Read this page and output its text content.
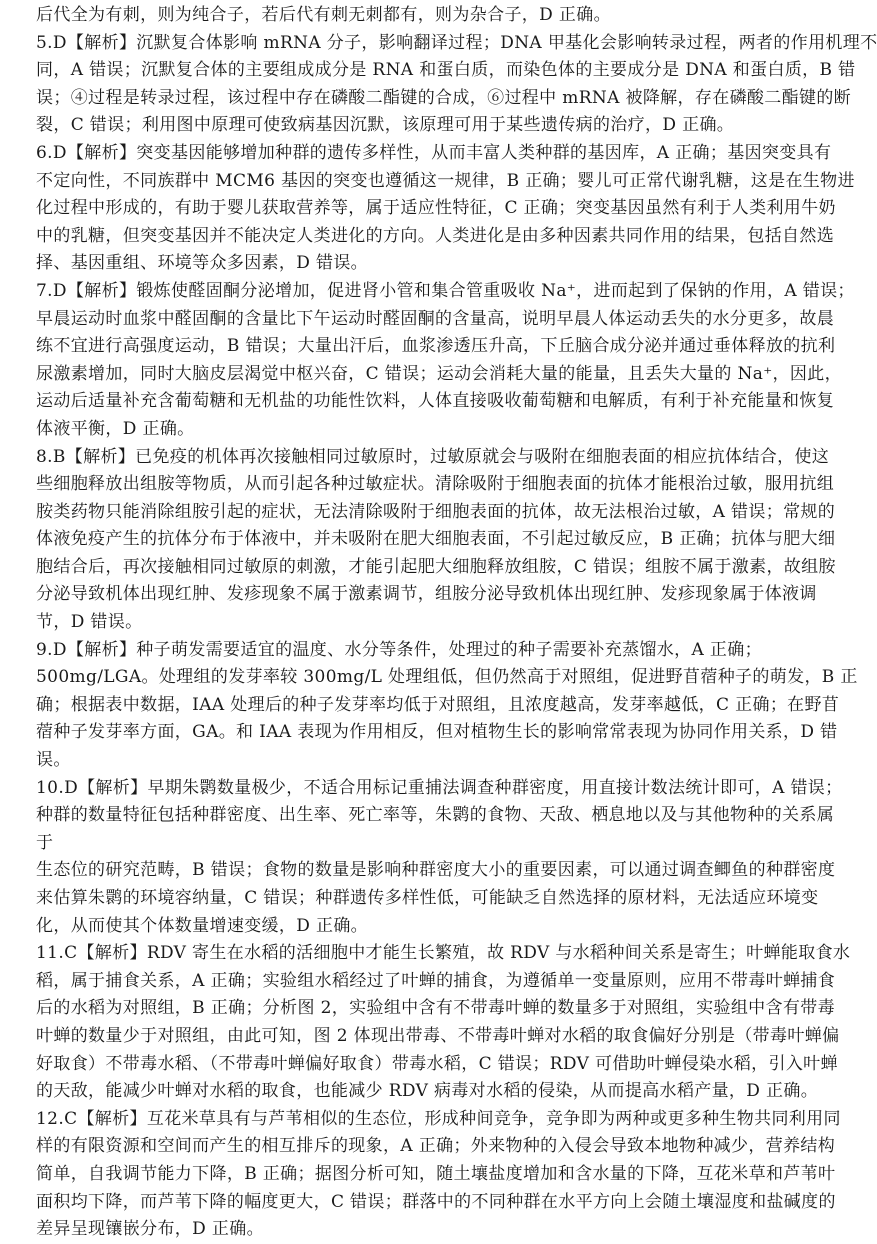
后代全为有刺，则为纯合子，若后代有刺无刺都有，则为杂合子，D 正确。
5.D【解析】沉默复合体影响 mRNA 分子，影响翻译过程；DNA 甲基化会影响转录过程，两者的作用机理不
同，A 错误；沉默复合体的主要组成成分是 RNA 和蛋白质，而染色体的主要成分是 DNA 和蛋白质，B 错
误；④过程是转录过程，该过程中存在磷酸二酯键的合成，⑥过程中 mRNA 被降解，存在磷酸二酯键的断
裂，C 错误；利用图中原理可使致病基因沉默，该原理可用于某些遗传病的治疗，D 正确。
6.D【解析】突变基因能够增加种群的遗传多样性，从而丰富人类种群的基因库，A 正确；基因突变具有
不定向性，不同族群中 MCM6 基因的突变也遵循这一规律，B 正确；婴儿可正常代谢乳糖，这是在生物进
化过程中形成的，有助于婴儿获取营养等，属于适应性特征，C 正确；突变基因虽然有利于人类利用牛奶
中的乳糖，但突变基因并不能决定人类进化的方向。人类进化是由多种因素共同作用的结果，包括自然选
择、基因重组、环境等众多因素，D 错误。
7.D【解析】锻炼使醛固酮分泌增加，促进肾小管和集合管重吸收 Na⁺，进而起到了保钠的作用，A 错误；
早晨运动时血浆中醛固酮的含量比下午运动时醛固酮的含量高，说明早晨人体运动丢失的水分更多，故晨
练不宜进行高强度运动，B 错误；大量出汗后，血浆渗透压升高，下丘脑合成分泌并通过垂体释放的抗利
尿激素增加，同时大脑皮层渴觉中枢兴奋，C 错误；运动会消耗大量的能量，且丢失大量的 Na⁺，因此，
运动后适量补充含葡萄糖和无机盐的功能性饮料，人体直接吸收葡萄糖和电解质，有利于补充能量和恢复
体液平衡，D 正确。
8.B【解析】已免疫的机体再次接触相同过敏原时，过敏原就会与吸附在细胞表面的相应抗体结合，使这
些细胞释放出组胺等物质，从而引起各种过敏症状。清除吸附于细胞表面的抗体才能根治过敏，服用抗组
胺类药物只能消除组胺引起的症状，无法清除吸附于细胞表面的抗体，故无法根治过敏，A 错误；常规的
体液免疫产生的抗体分布于体液中，并未吸附在肥大细胞表面，不引起过敏反应，B 正确；抗体与肥大细
胞结合后，再次接触相同过敏原的刺激，才能引起肥大细胞释放组胺，C 错误；组胺不属于激素，故组胺
分泌导致机体出现红肿、发疹现象不属于激素调节，组胺分泌导致机体出现红肿、发疹现象属于体液调
节，D 错误。
9.D【解析】种子萌发需要适宜的温度、水分等条件，处理过的种子需要补充蒸馏水，A 正确；
500mg/LGA。处理组的发芽率较 300mg/L 处理组低，但仍然高于对照组，促进野苜蓿种子的萌发，B 正
确；根据表中数据，IAA 处理后的种子发芽率均低于对照组，且浓度越高，发芽率越低，C 正确；在野苜
蓿种子发芽率方面，GA。和 IAA 表现为作用相反，但对植物生长的影响常常表现为协同作用关系，D 错
误。
10.D【解析】早期朱鹮数量极少，不适合用标记重捕法调查种群密度，用直接计数法统计即可，A 错误；
种群的数量特征包括种群密度、出生率、死亡率等，朱鹮的食物、天敌、栖息地以及与其他物种的关系属
于
生态位的研究范畴，B 错误；食物的数量是影响种群密度大小的重要因素，可以通过调查鲫鱼的种群密度
来估算朱鹮的环境容纳量，C 错误；种群遗传多样性低，可能缺乏自然选择的原材料，无法适应环境变
化，从而使其个体数量增速变缓，D 正确。
11.C【解析】RDV 寄生在水稻的活细胞中才能生长繁殖，故 RDV 与水稻种间关系是寄生；叶蝉能取食水
稻，属于捕食关系，A 正确；实验组水稻经过了叶蝉的捕食，为遵循单一变量原则，应用不带毒叶蝉捕食
后的水稻为对照组，B 正确；分析图 2，实验组中含有不带毒叶蝉的数量多于对照组，实验组中含有带毒
叶蝉的数量少于对照组，由此可知，图 2 体现出带毒、不带毒叶蝉对水稻的取食偏好分别是（带毒叶蝉偏
好取食）不带毒水稻、（不带毒叶蝉偏好取食）带毒水稻，C 错误；RDV 可借助叶蝉侵染水稻，引入叶蝉
的天敌，能减少叶蝉对水稻的取食，也能减少 RDV 病毒对水稻的侵染，从而提高水稻产量，D 正确。
12.C【解析】互花米草具有与芦苇相似的生态位，形成种间竞争，竞争即为两种或更多种生物共同利用同
样的有限资源和空间而产生的相互排斥的现象，A 正确；外来物种的入侵会导致本地物种减少，营养结构
简单，自我调节能力下降，B 正确；据图分析可知，随土壤盐度增加和含水量的下降，互花米草和芦苇叶
面积均下降，而芦苇下降的幅度更大，C 错误；群落中的不同种群在水平方向上会随土壤湿度和盐碱度的
差异呈现镶嵌分布，D 正确。
